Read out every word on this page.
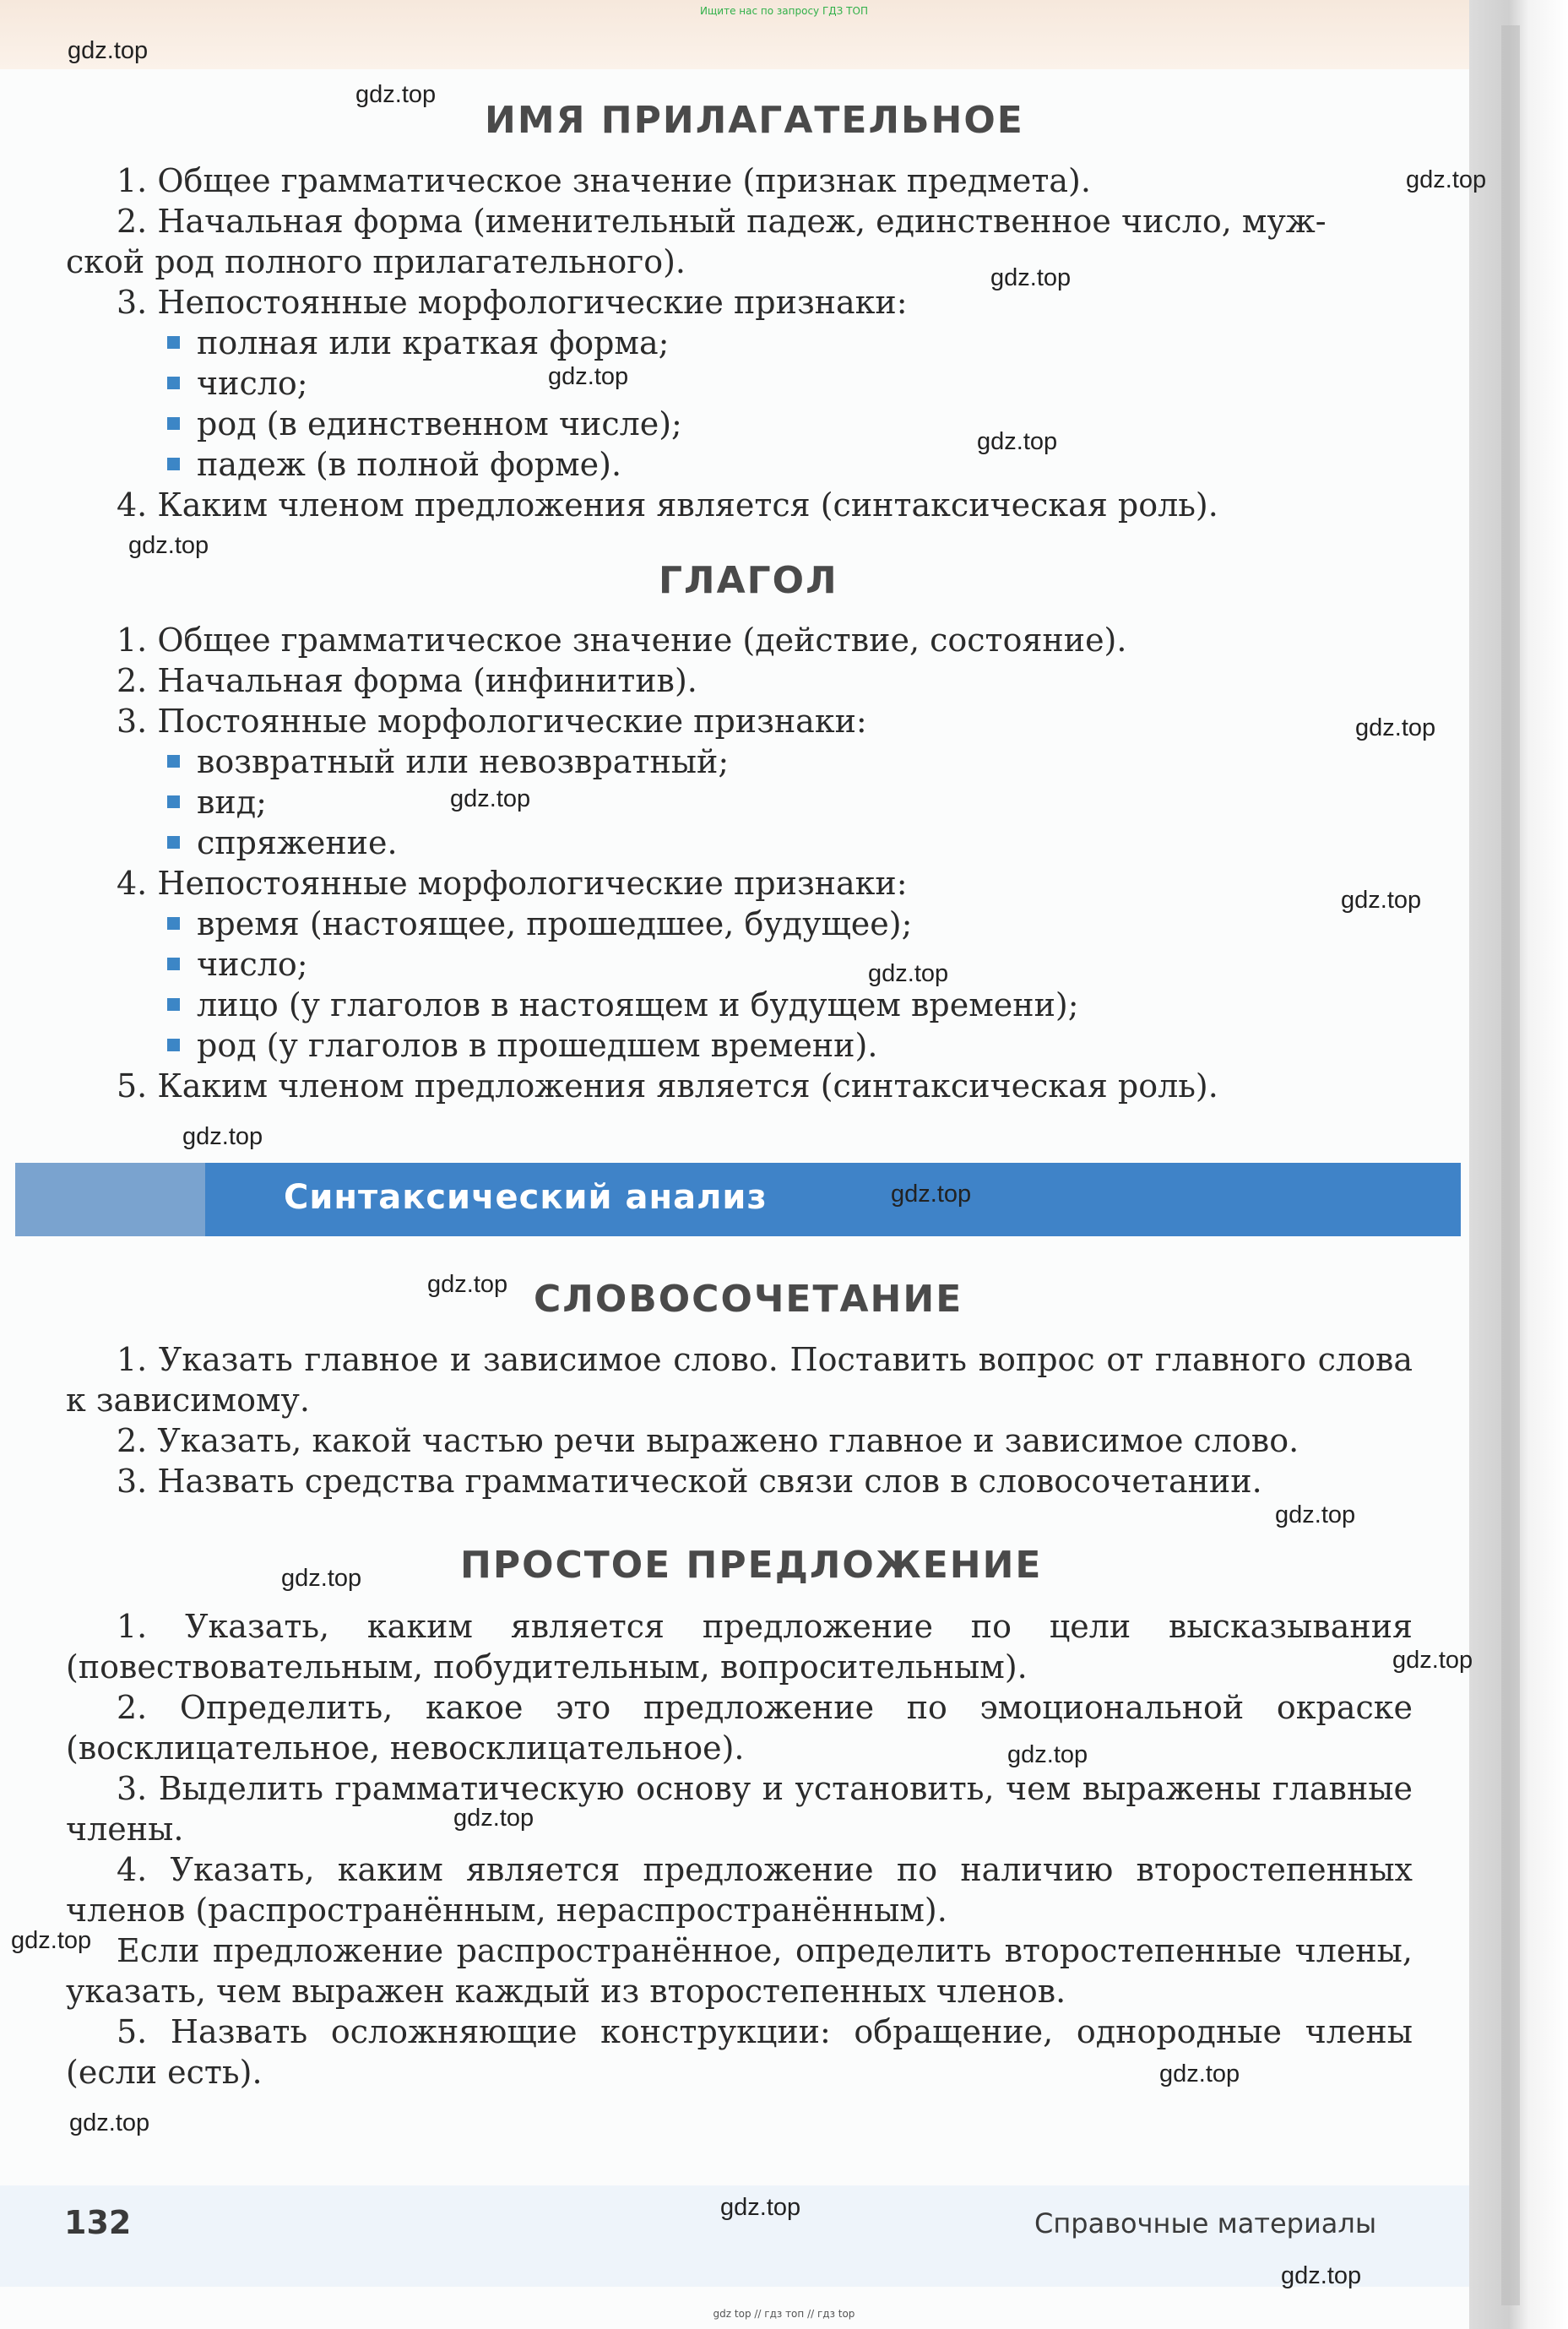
Ищите нас по запросу ГДЗ ТОП
ИМЯ ПРИЛАГАТЕЛЬНОЕ
1. Общее грамматическое значение (признак предмета).
2. Начальная форма (именительный падеж, единственное число, муж-
ской род полного прилагательного).
3. Непостоянные морфологические признаки:
полная или краткая форма;
число;
род (в единственном числе);
падеж (в полной форме).
4. Каким членом предложения является (синтаксическая роль).
ГЛАГОЛ
1. Общее грамматическое значение (действие, состояние).
2. Начальная форма (инфинитив).
3. Постоянные морфологические признаки:
возвратный или невозвратный;
вид;
спряжение.
4. Непостоянные морфологические признаки:
время (настоящее, прошедшее, будущее);
число;
лицо (у глаголов в настоящем и будущем времени);
род (у глаголов в прошедшем времени).
5. Каким членом предложения является (синтаксическая роль).
Синтаксический анализ
СЛОВОСОЧЕТАНИЕ

1. Указать главное и зависимое слово. Поставить вопрос от главного слова к зависимому.

2. Указать, какой частью речи выражено главное и зависимое слово.

3. Назвать средства грамматической связи слов в словосочетании.

ПРОСТОЕ ПРЕДЛОЖЕНИЕ

1. Указать, каким является предложение по цели высказывания (повествовательным, побудительным, вопросительным).

2. Определить, какое это предложение по эмоциональной окраске (восклицательное, невосклицательное).

3. Выделить грамматическую основу и установить, чем выражены главные члены.

4. Указать, каким является предложение по наличию второстепенных членов (распространённым, нераспространённым).

Если предложение распространённое, определить второстепенные члены, указать, чем выражен каждый из второстепенных членов.

5. Назвать осложняющие конструкции: обращение, однородные члены (если есть).

132	Справочные материалы
gdz.top
gdz.top
gdz.top
gdz.top
gdz.top
gdz.top
gdz.top
gdz.top
gdz.top
gdz.top
gdz.top
gdz.top
gdz.top
gdz.top
gdz.top
gdz.top
gdz.top
gdz.top
gdz.top
gdz.top
gdz.top
gdz.top
gdz.top
gdz.top
gdz top // гдз топ // гдз top
